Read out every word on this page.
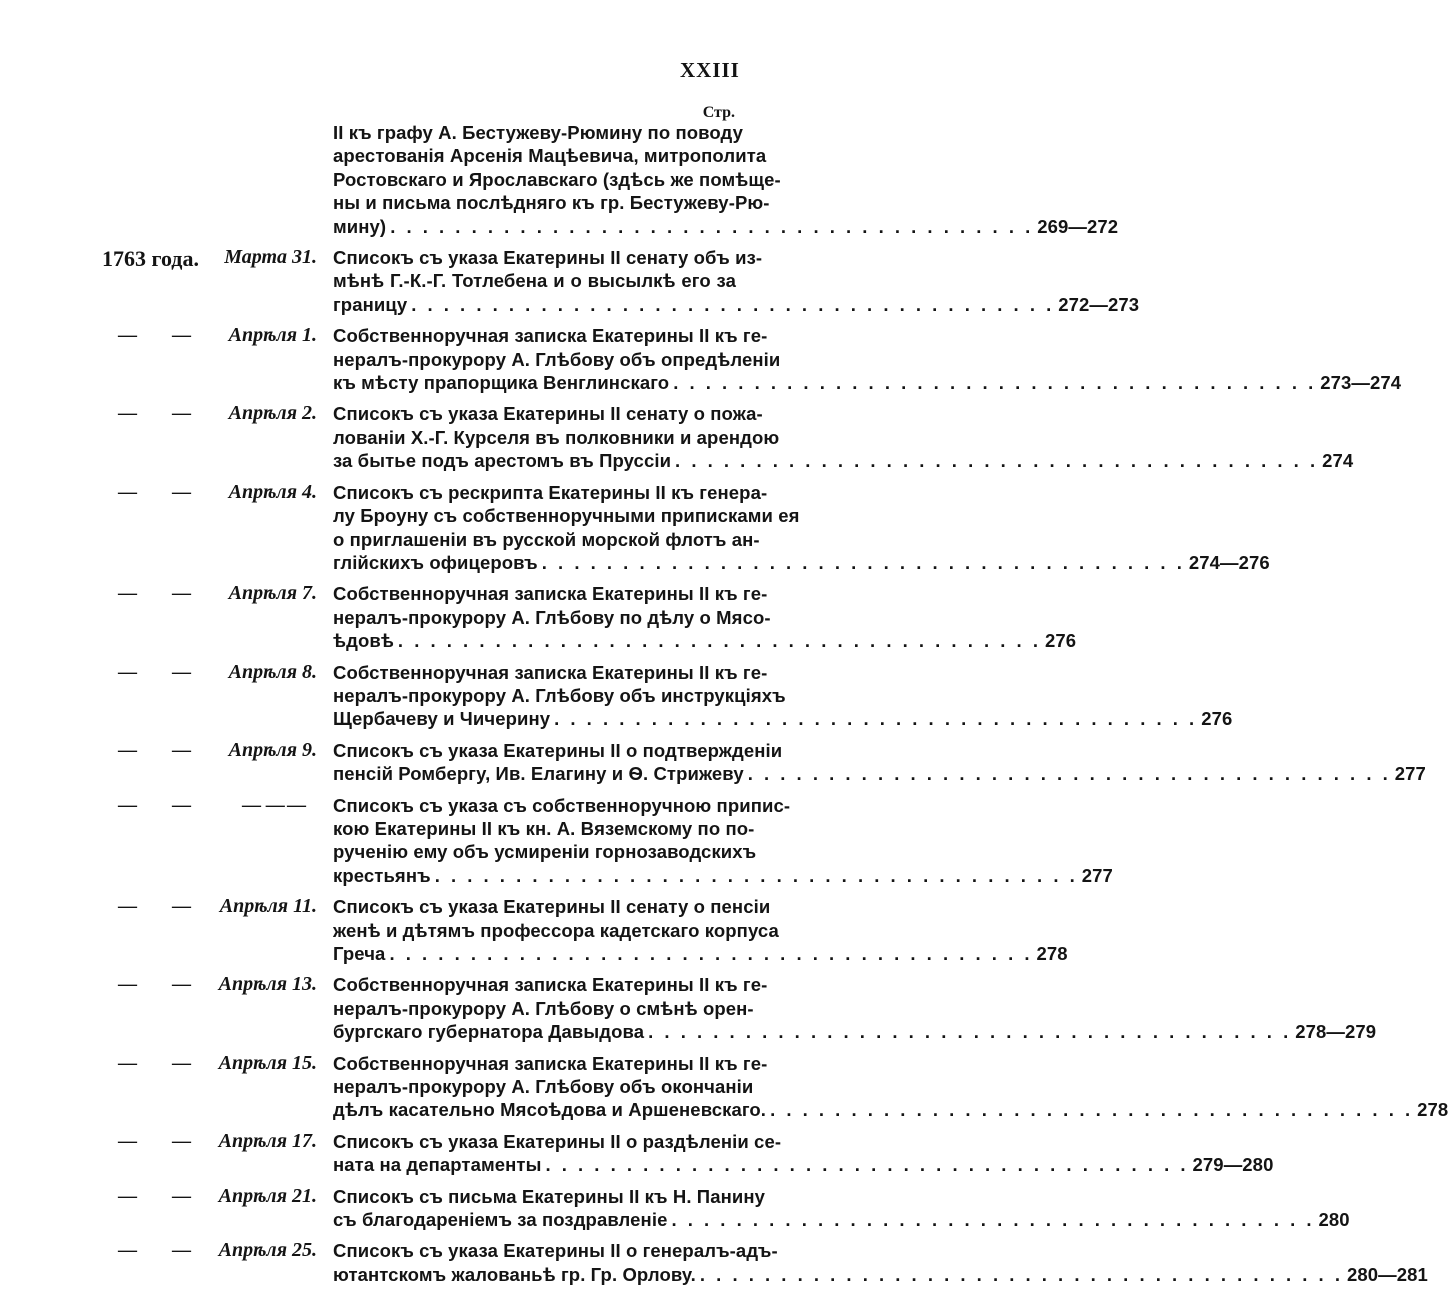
XXIII
Стр.
II къ графу А. Бестужеву-Рюмину по поводу
арестованія Арсенія Мацѣевича, митрополита
Ростовскаго и Ярославскаго (здѣсь же помѣще-
ны и письма послѣдняго къ гр. Бестужеву-Рю-
мину) . . . . . . . . . . . . . . . . . . . . . . . . . . . . . . . . . . . . . . . . 269—272
1763 года. Марта 31. Списокъ съ указа Екатерины II сенату объ из-
мѣнѣ Г.-К.-Г. Тотлебена и о высылкѣ его за
границу . . . . . . . . . . . . . . . . . . . . . . . . . . . . . . . . . . . . . . . . 272—273
— — Апрѣля 1. Собственноручная записка Екатерины II къ ге-
нералъ-прокурору А. Глѣбову объ опредѣленіи
къ мѣсту прапорщика Венглинскаго . . . . . . . . . . . . . . . . . . . . . . . . . . . . . . . . . . . . . . . . 273—274
— — Апрѣля 2. Списокъ съ указа Екатерины II сенату о пожа-
лованіи Х.-Г. Курселя въ полковники и арендою
за бытье подъ арестомъ въ Пруссіи . . . . . . . . . . . . . . . . . . . . . . . . . . . . . . . . . . . . . . . . 274
— — Апрѣля 4. Списокъ съ рескрипта Екатерины II къ генера-
лу Броуну съ собственноручными приписками ея
о приглашеніи въ русской морской флотъ ан-
глійскихъ офицеровъ . . . . . . . . . . . . . . . . . . . . . . . . . . . . . . . . . . . . . . . . 274—276
— — Апрѣля 7. Собственноручная записка Екатерины II къ ге-
нералъ-прокурору А. Глѣбову по дѣлу о Мясо-
ѣдовѣ . . . . . . . . . . . . . . . . . . . . . . . . . . . . . . . . . . . . . . . . 276
— — Апрѣля 8. Собственноручная записка Екатерины II къ ге-
нералъ-прокурору А. Глѣбову объ инструкціяхъ
Щербачеву и Чичерину . . . . . . . . . . . . . . . . . . . . . . . . . . . . . . . . . . . . . . . . 276
— — Апрѣля 9. Списокъ съ указа Екатерины II о подтвержденіи
пенсій Ромбергу, Ив. Елагину и Ѳ. Стрижеву . . . . . . . . . . . . . . . . . . . . . . . . . . . . . . . . . . . . . . . . 277
— —	— — — Списокъ съ указа съ собственноручною припис-
кою Екатерины II къ кн. А. Вяземскому по по-
рученію ему объ усмиреніи горнозаводскихъ
крестьянъ . . . . . . . . . . . . . . . . . . . . . . . . . . . . . . . . . . . . . . . . 277
— — Апрѣля 11. Списокъ съ указа Екатерины II сенату о пенсіи
женѣ и дѣтямъ профессора кадетскаго корпуса
Греча . . . . . . . . . . . . . . . . . . . . . . . . . . . . . . . . . . . . . . . . 278
— — Апрѣля 13. Собственноручная записка Екатерины II къ ге-
нералъ-прокурору А. Глѣбову о смѣнѣ орен-
бургскаго губернатора Давыдова . . . . . . . . . . . . . . . . . . . . . . . . . . . . . . . . . . . . . . . . 278—279
— — Апрѣля 15. Собственноручная записка Екатерины II къ ге-
нералъ-прокурору А. Глѣбову объ окончаніи
дѣлъ касательно Мясоѣдова и Аршеневскаго. . . . . . . . . . . . . . . . . . . . . . . . . . . . . . . . . . . . . . . . . 278
— — Апрѣля 17. Списокъ съ указа Екатерины II о раздѣленіи се-
ната на департаменты . . . . . . . . . . . . . . . . . . . . . . . . . . . . . . . . . . . . . . . . 279—280
— — Апрѣля 21. Списокъ съ письма Екатерины II къ Н. Панину
съ благодареніемъ за поздравленіе . . . . . . . . . . . . . . . . . . . . . . . . . . . . . . . . . . . . . . . . 280
— — Апрѣля 25. Списокъ съ указа Екатерины II о генералъ-адъ-
ютантскомъ жалованьѣ гр. Гр. Орлову. . . . . . . . . . . . . . . . . . . . . . . . . . . . . . . . . . . . . . . . . 280—281
